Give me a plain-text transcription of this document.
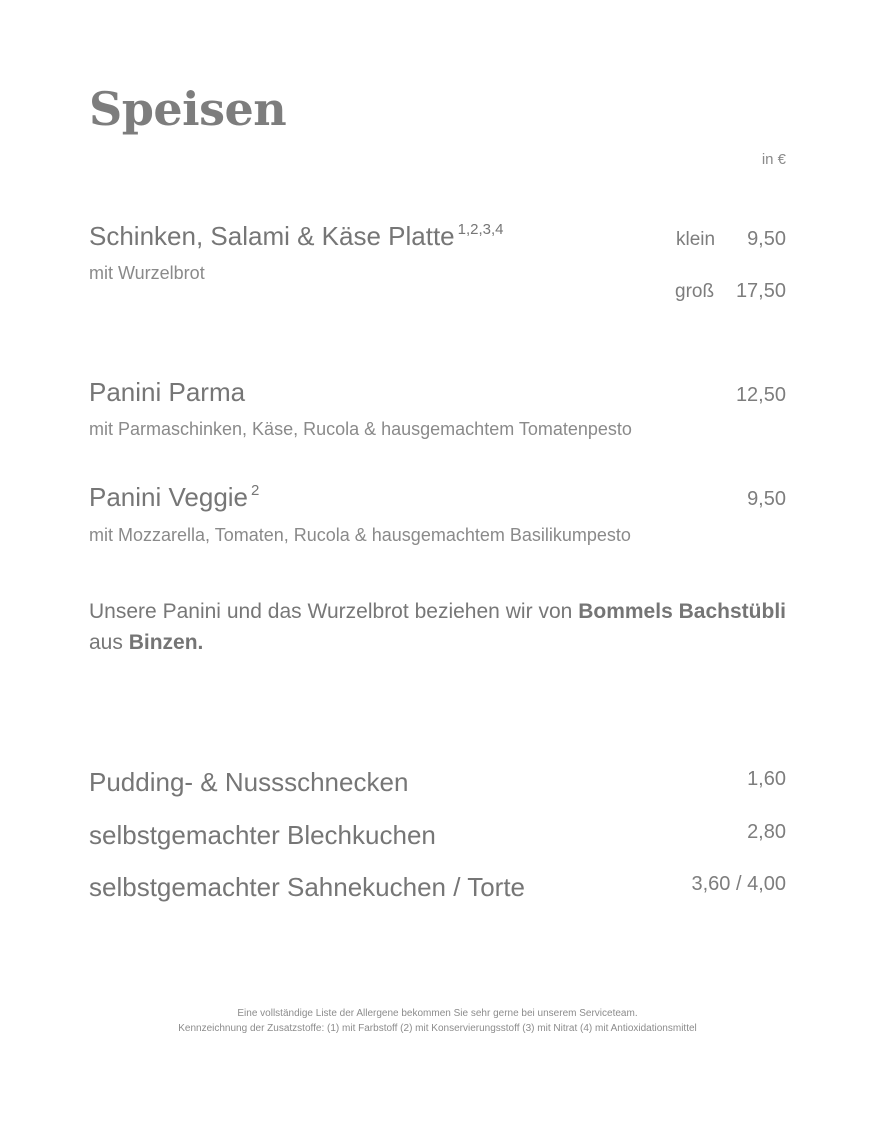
Speisen
in €
Schinken, Salami & Käse Platte $^{1,2,3,4}$
mit Wurzelbrot
klein 9,50
groß 17,50
Panini Parma
mit Parmaschinken, Käse, Rucola & hausgemachtem Tomatenpesto
12,50
Panini Veggie $^2$
mit Mozzarella, Tomaten, Rucola & hausgemachtem Basilikumpesto
9,50
Unsere Panini und das Wurzelbrot beziehen wir von Bommels Bachstübli aus Binzen.
Pudding- & Nussschnecken	1,60
selbstgemachter Blechkuchen	2,80
selbstgemachter Sahnekuchen / Torte	3,60 / 4,00
Eine vollständige Liste der Allergene bekommen Sie sehr gerne bei unserem Serviceteam.
Kennzeichnung der Zusatzstoffe: (1) mit Farbstoff (2) mit Konservierungsstoff (3) mit Nitrat (4) mit Antioxidationsmittel
